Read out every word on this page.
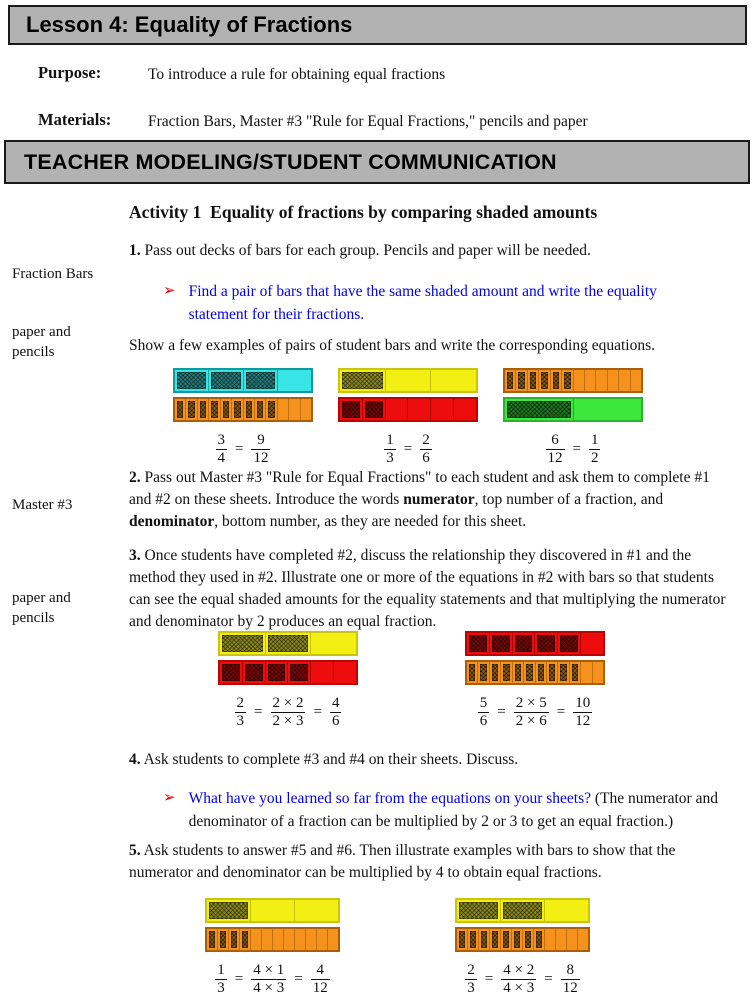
Lesson 4: Equality of Fractions
Purpose:	To introduce a rule for obtaining equal fractions
Materials: Fraction Bars, Master #3 "Rule for Equal Fractions," pencils and paper
TEACHER MODELING/STUDENT COMMUNICATION
Activity 1  Equality of fractions by comparing shaded amounts
Fraction Bars
paper and pencils
Master #3
paper and pencils
1. Pass out decks of bars for each group. Pencils and paper will be needed.
➢ Find a pair of bars that have the same shaded amount and write the equality statement for their fractions.
Show a few examples of pairs of student bars and write the corresponding equations.
$\frac{3}{4} = \frac{9}{12}$	$\frac{1}{3} = \frac{2}{6}$	$\frac{6}{12} = \frac{1}{2}$
2. Pass out Master #3 "Rule for Equal Fractions" to each student and ask them to complete #1 and #2 on these sheets. Introduce the words numerator, top number of a fraction, and denominator, bottom number, as they are needed for this sheet.
3. Once students have completed #2, discuss the relationship they discovered in #1 and the method they used in #2. Illustrate one or more of the equations in #2 with bars so that students can see the equal shaded amounts for the equality statements and that multiplying the numerator and denominator by 2 produces an equal fraction.
$\frac{2}{3} = \frac{2 \times 2}{2 \times 3} = \frac{4}{6}$	$\frac{5}{6} = \frac{2 \times 5}{2 \times 6} = \frac{10}{12}$
4. Ask students to complete #3 and #4 on their sheets. Discuss.
➢ What have you learned so far from the equations on your sheets? (The numerator and denominator of a fraction can be multiplied by 2 or 3 to get an equal fraction.)
5. Ask students to answer #5 and #6. Then illustrate examples with bars to show that the numerator and denominator can be multiplied by 4 to obtain equal fractions.
$\frac{1}{3} = \frac{4 \times 1}{4 \times 3} = \frac{4}{12}$	$\frac{2}{3} = \frac{4 \times 2}{4 \times 3} = \frac{8}{12}$
